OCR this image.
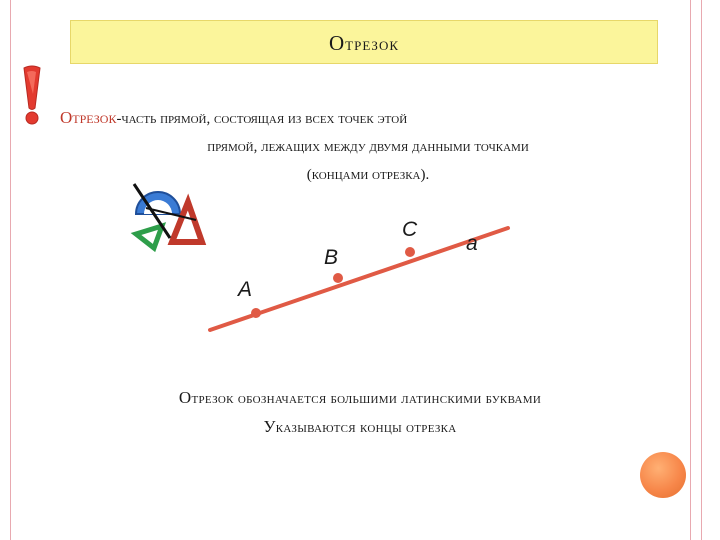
Отрезок
Отрезок-часть прямой, состоящая из всех точек этой
прямой, лежащих между двумя данными точками
(концами отрезка).
A
B
C
a
Отрезок обозначается большими латинскими буквами
Указываются концы отрезка
